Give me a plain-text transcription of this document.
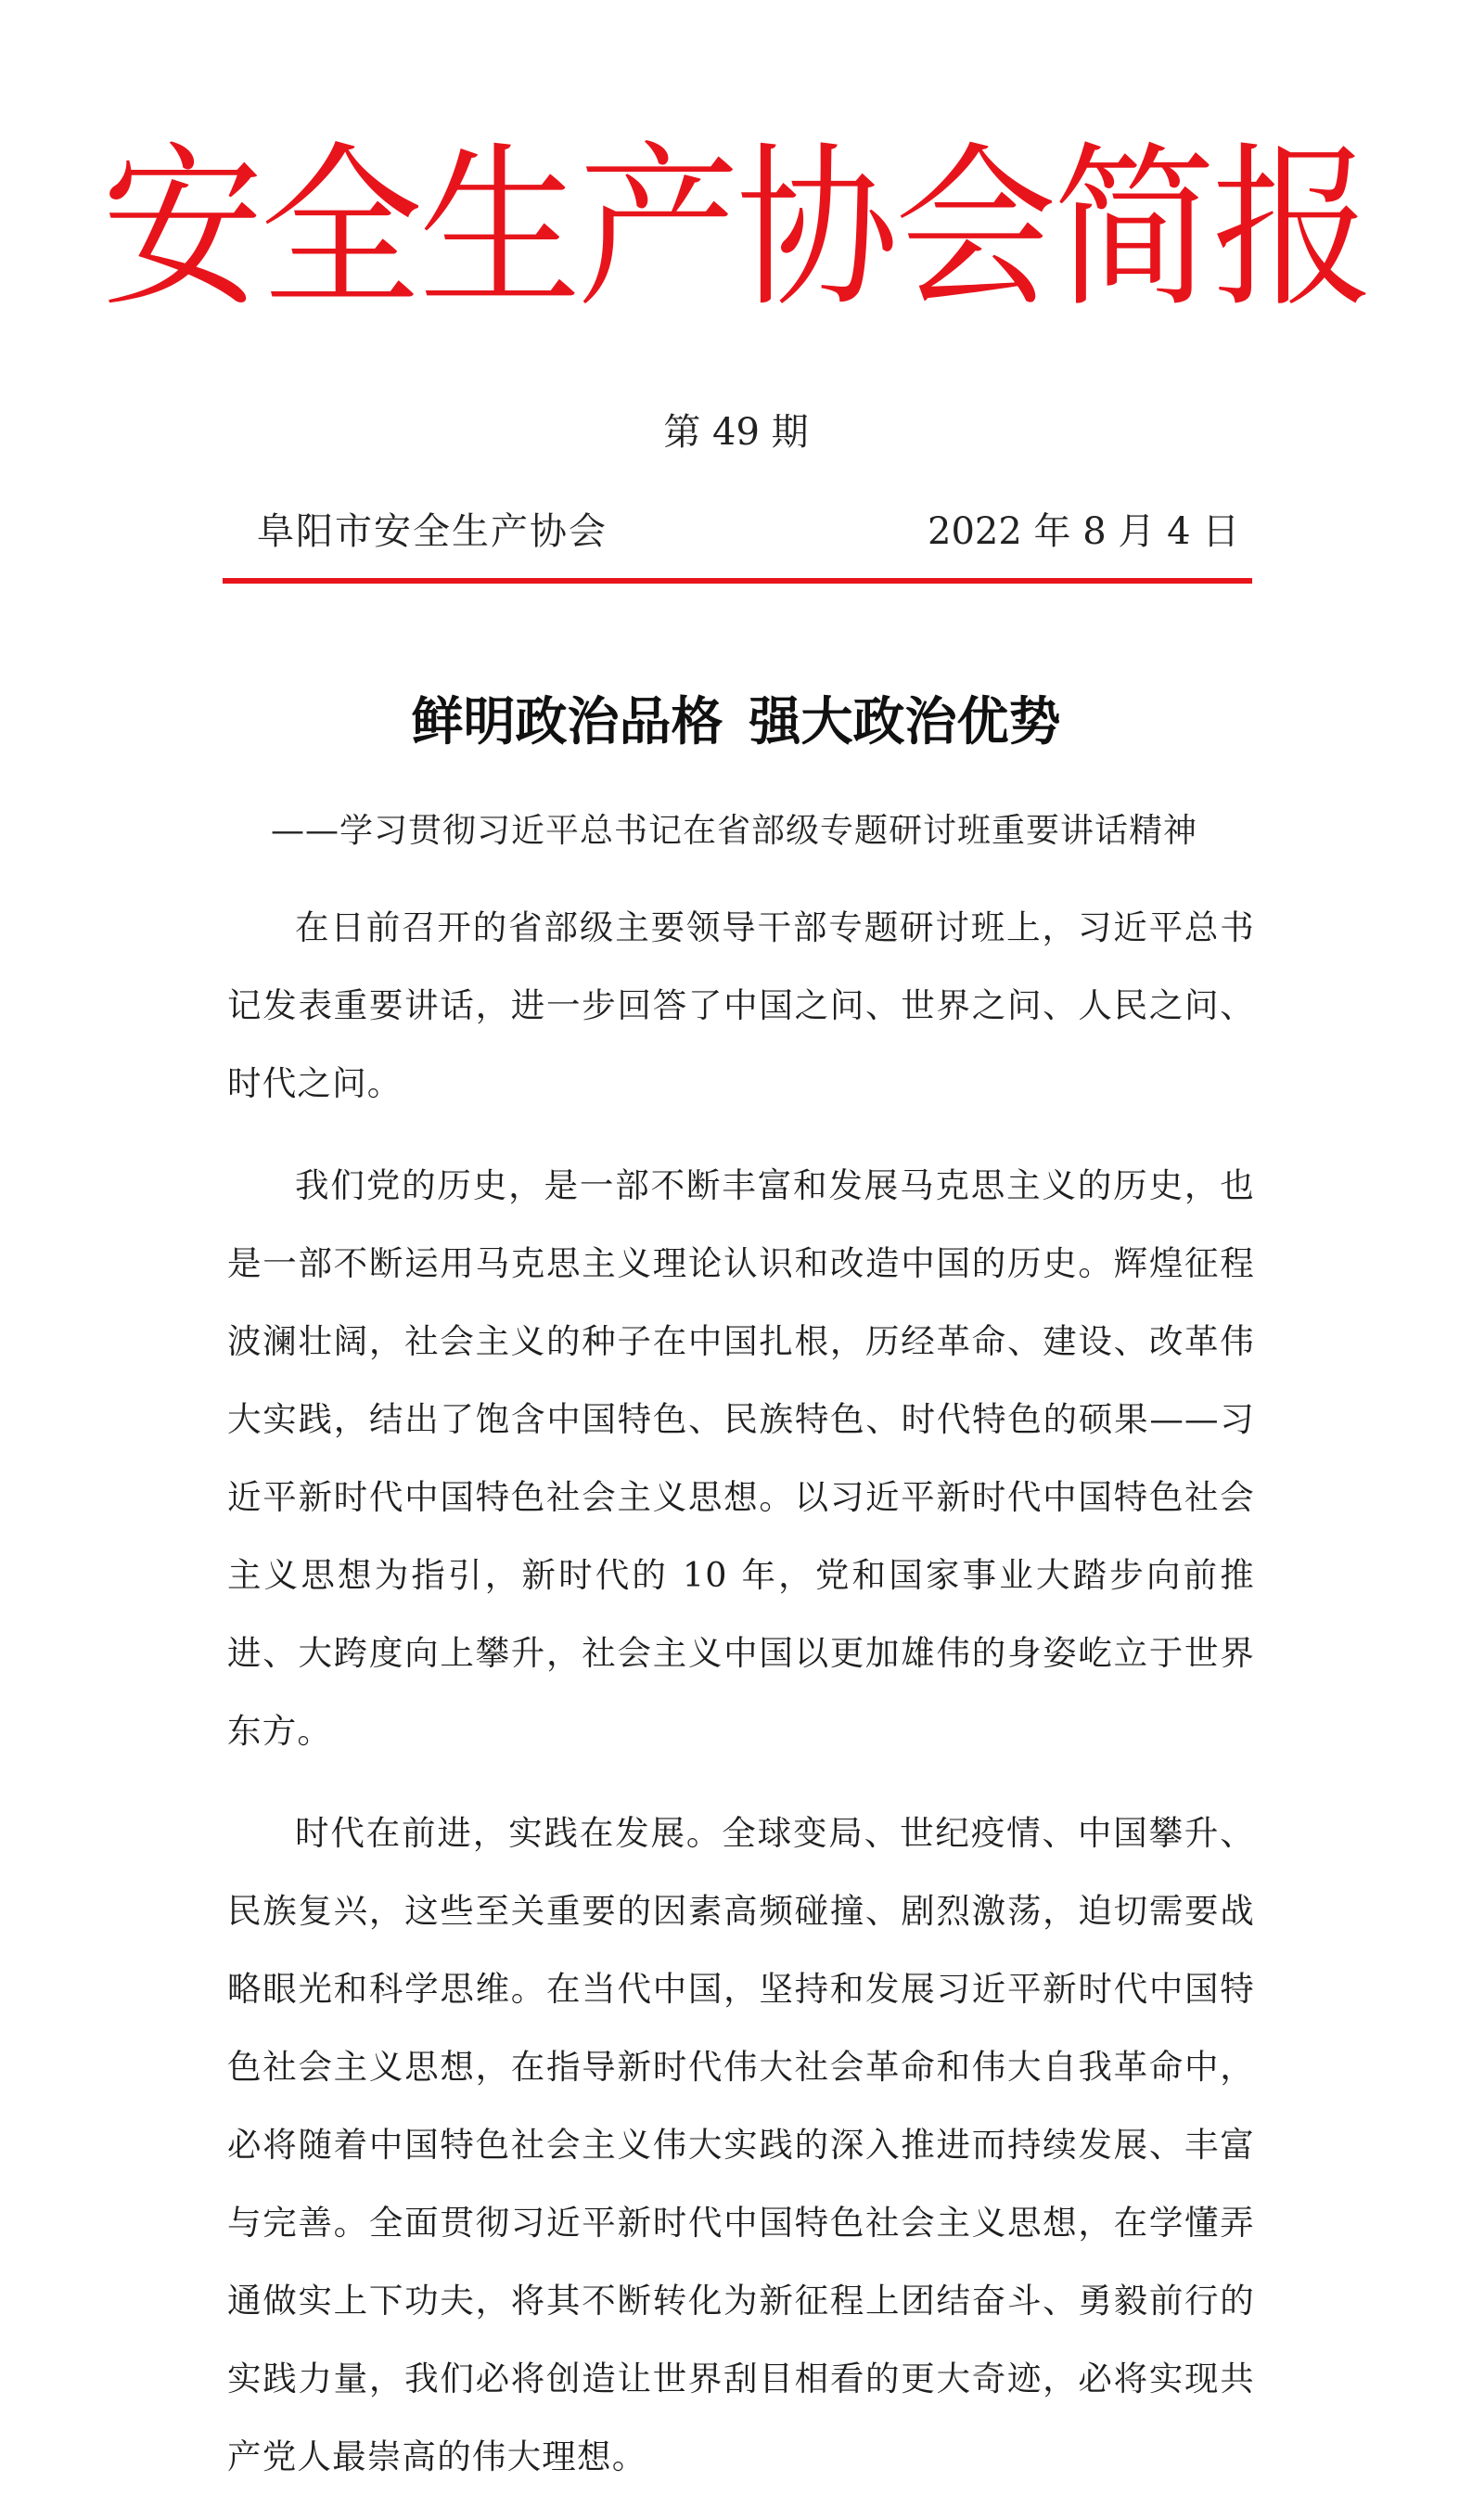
安全生产协会简报
第 49 期
阜阳市安全生产协会	2022 年 8 月 4 日
鲜明政治品格 强大政治优势
——学习贯彻习近平总书记在省部级专题研讨班重要讲话精神

在日前召开的省部级主要领导干部专题研讨班上，习近平总书记发表重要讲话，进一步回答了中国之问、世界之问、人民之问、时代之问。

我们党的历史，是一部不断丰富和发展马克思主义的历史，也是一部不断运用马克思主义理论认识和改造中国的历史。辉煌征程波澜壮阔，社会主义的种子在中国扎根，历经革命、建设、改革伟大实践，结出了饱含中国特色、民族特色、时代特色的硕果——习近平新时代中国特色社会主义思想。以习近平新时代中国特色社会主义思想为指引，新时代的 10 年，党和国家事业大踏步向前推进、大跨度向上攀升，社会主义中国以更加雄伟的身姿屹立于世界东方。

时代在前进，实践在发展。全球变局、世纪疫情、中国攀升、民族复兴，这些至关重要的因素高频碰撞、剧烈激荡，迫切需要战略眼光和科学思维。在当代中国，坚持和发展习近平新时代中国特色社会主义思想，在指导新时代伟大社会革命和伟大自我革命中，必将随着中国特色社会主义伟大实践的深入推进而持续发展、丰富与完善。全面贯彻习近平新时代中国特色社会主义思想，在学懂弄通做实上下功夫，将其不断转化为新征程上团结奋斗、勇毅前行的实践力量，我们必将创造让世界刮目相看的更大奇迹，必将实现共产党人最崇高的伟大理想。
